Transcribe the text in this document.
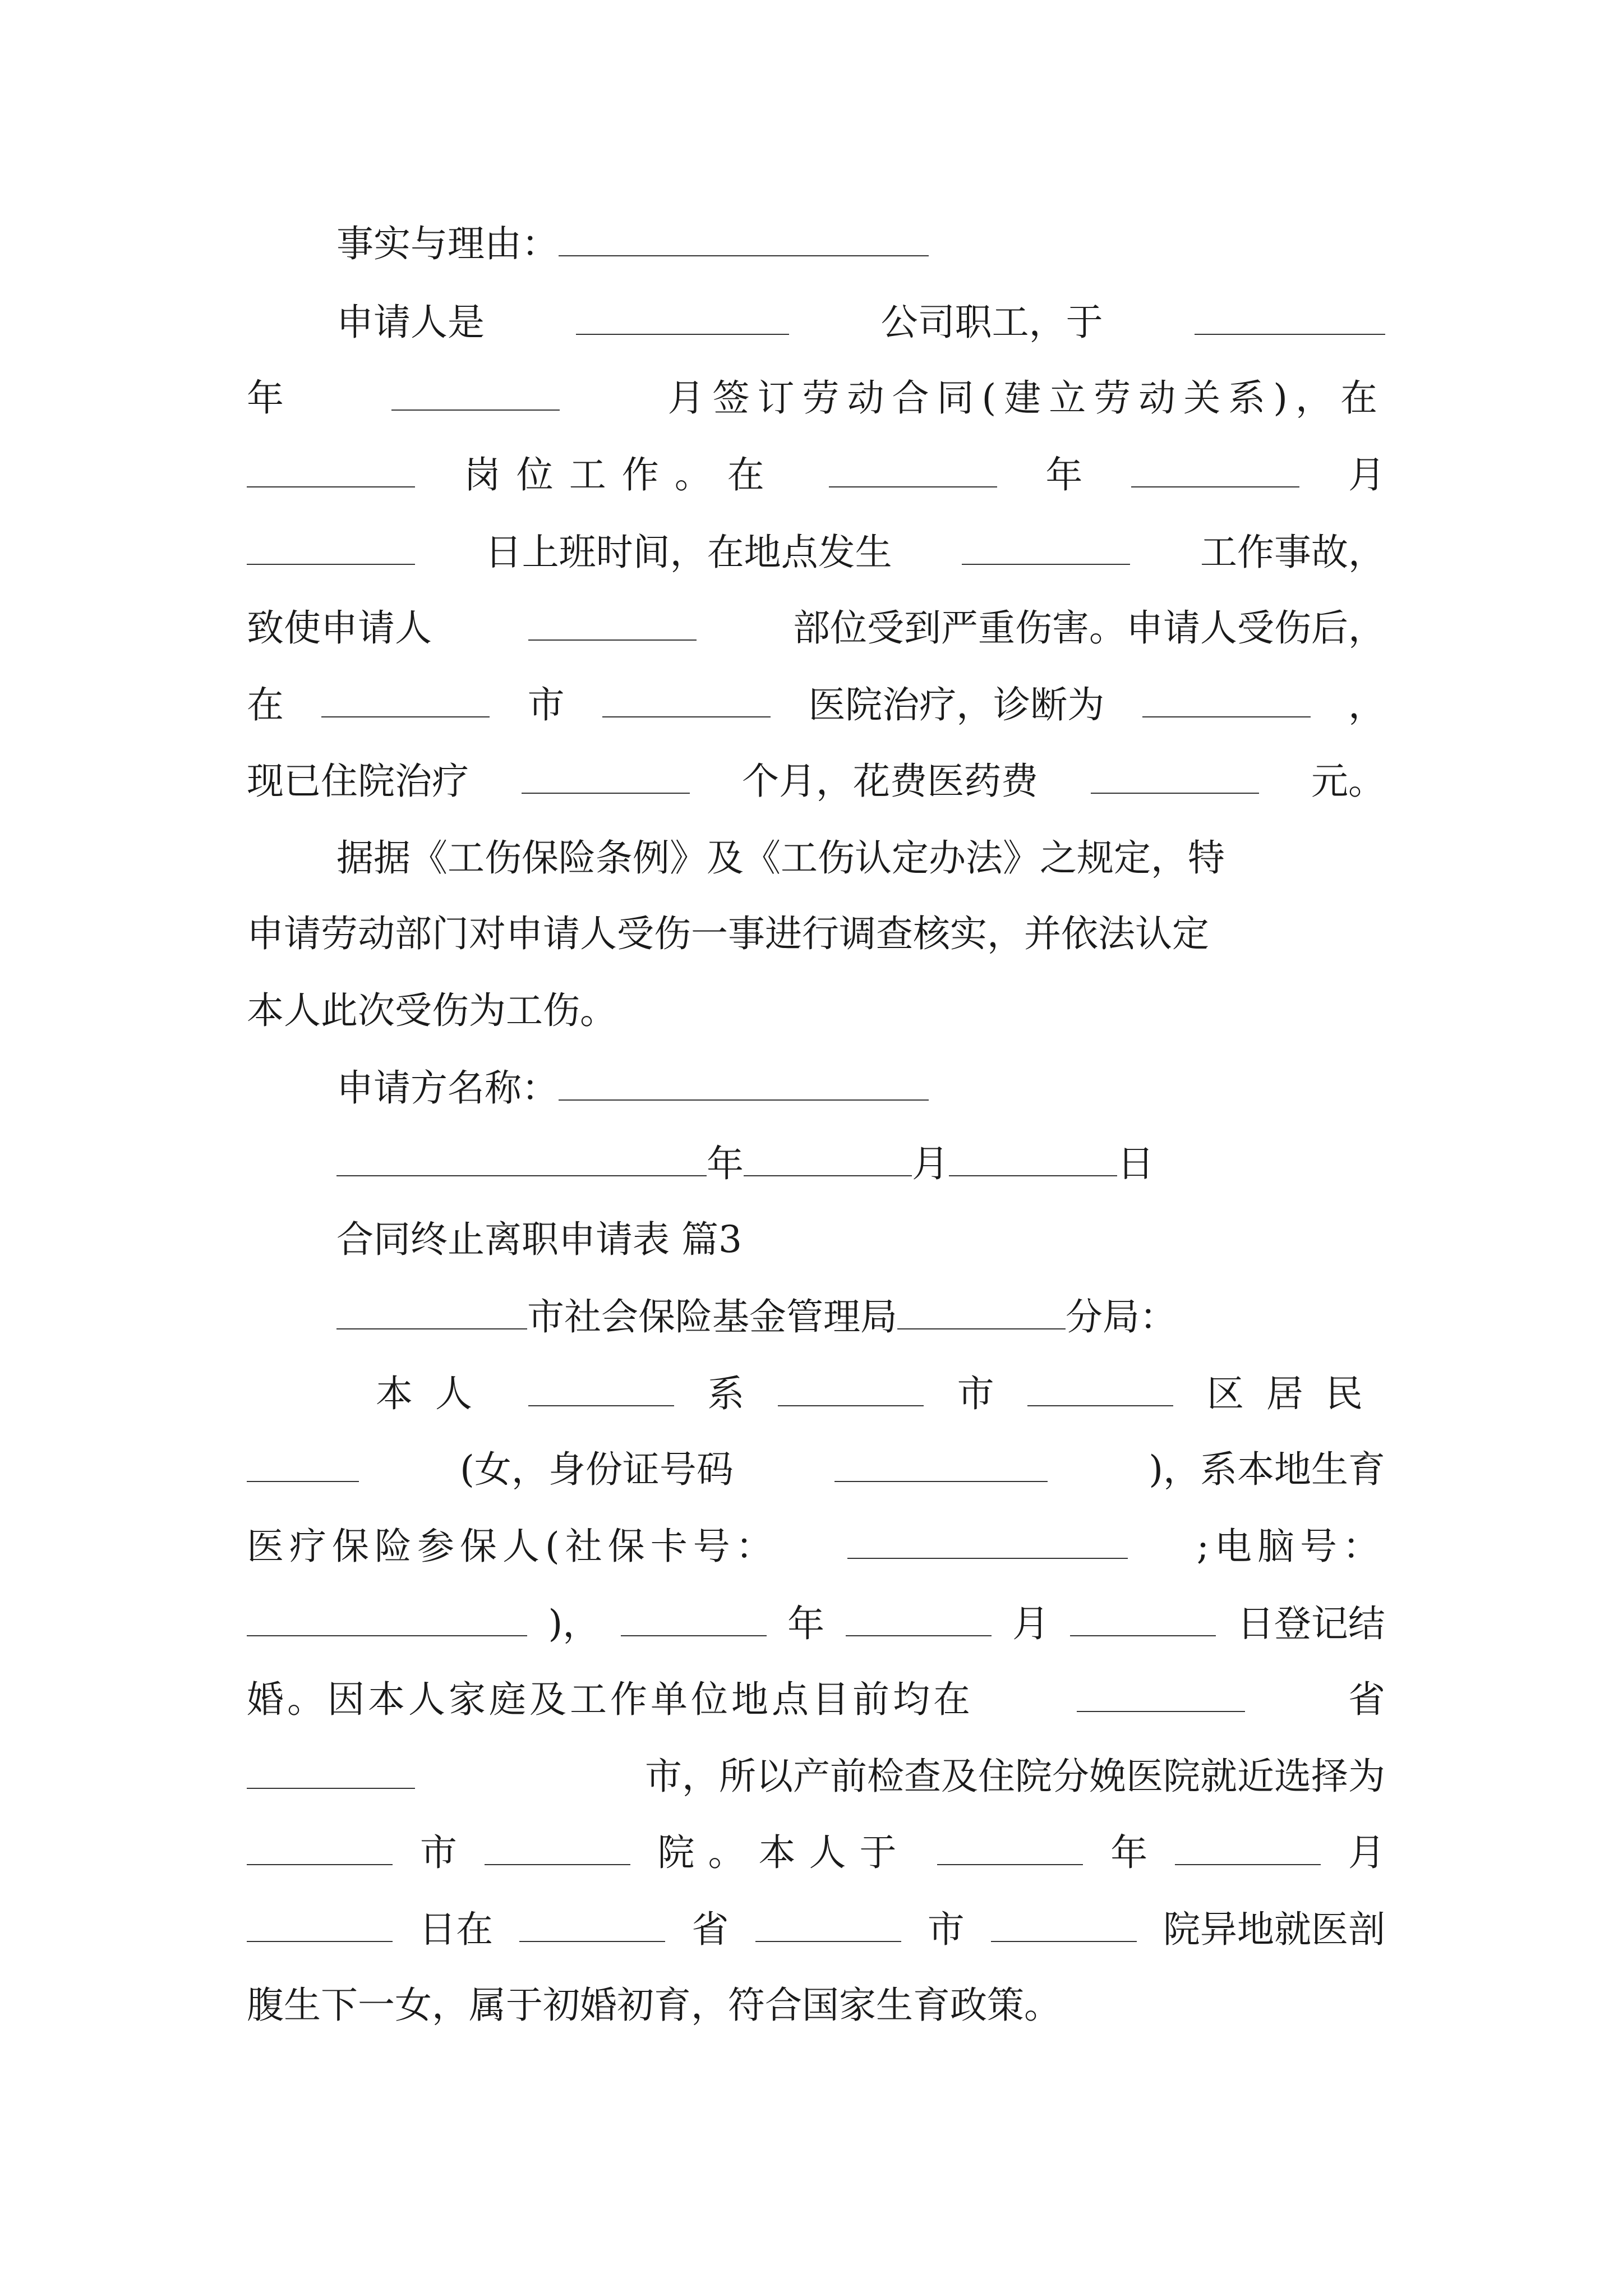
事实与理由：
申请人是	公司职工，于
年	月签订劳动合同(建立劳动关系)，在
岗位工作。在	年	月
日上班时间，在地点发生	工作事故，
致使申请人	部位受到严重伤害。申请人受伤后，
在	市	医院治疗，诊断为	，
现已住院治疗	个月，花费医药费	元。
据据《工伤保险条例》及《工伤认定办法》之规定，特
申请劳动部门对申请人受伤一事进行调查核实，并依法认定
本人此次受伤为工伤。
申请方名称：
年	月	日
合同终止离职申请表 篇3
市社会保险基金管理局	分局：
本人	系	市	区居民
(女，身份证号码	)，系本地生育
医疗保险参保人(社保卡号：	;电脑号：
)，	年	月	日登记结
婚。因本人家庭及工作单位地点目前均在	省
市，所以产前检查及住院分娩医院就近选择为
市	院。本人于	年	月
日在	省	市	院异地就医剖
腹生下一女，属于初婚初育，符合国家生育政策。
